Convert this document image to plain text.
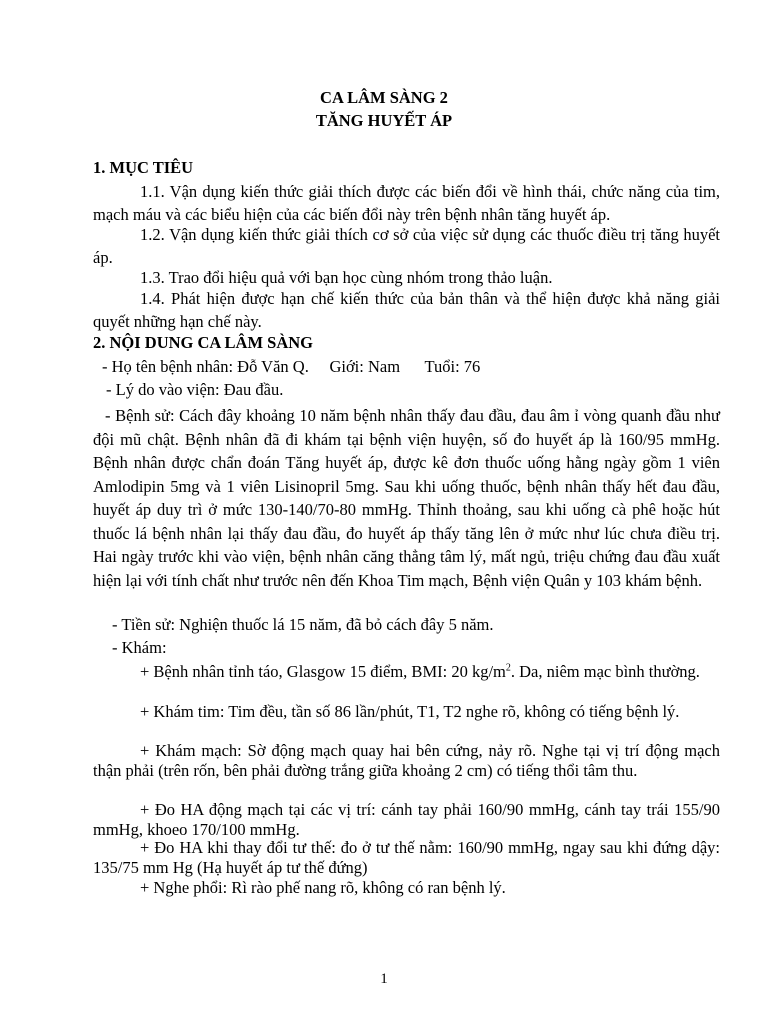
CA LÂM SÀNG 2
TĂNG HUYẾT ÁP
1. MỤC TIÊU
1.1. Vận dụng kiến thức giải thích được các biến đổi về hình thái, chức năng của tim, mạch máu và các biểu hiện của các biến đổi này trên bệnh nhân tăng huyết áp.
1.2. Vận dụng kiến thức giải thích cơ sở của việc sử dụng các thuốc điều trị tăng huyết áp.
1.3. Trao đổi hiệu quả với bạn học cùng nhóm trong thảo luận.
1.4. Phát hiện được hạn chế kiến thức của bản thân và thể hiện được khả năng giải quyết những hạn chế này.
2. NỘI DUNG CA LÂM SÀNG
- Họ tên bệnh nhân: Đỗ Văn Q.     Giới: Nam      Tuổi: 76
- Lý do vào viện: Đau đầu.
- Bệnh sử: Cách đây khoảng 10 năm bệnh nhân thấy đau đầu, đau âm ỉ vòng quanh đầu như đội mũ chật. Bệnh nhân đã đi khám tại bệnh viện huyện, số đo huyết áp là 160/95 mmHg. Bệnh nhân được chẩn đoán Tăng huyết áp, được kê đơn thuốc uống hằng ngày gồm 1 viên Amlodipin 5mg và 1 viên Lisinopril 5mg. Sau khi uống thuốc, bệnh nhân thấy hết đau đầu, huyết áp duy trì ở mức 130-140/70-80 mmHg. Thỉnh thoảng, sau khi uống cà phê hoặc hút thuốc lá bệnh nhân lại thấy đau đầu, đo huyết áp thấy tăng lên ở mức như lúc chưa điều trị. Hai ngày trước khi vào viện, bệnh nhân căng thẳng tâm lý, mất ngủ, triệu chứng đau đầu xuất hiện lại với tính chất như trước nên đến Khoa Tim mạch, Bệnh viện Quân y 103 khám bệnh.
- Tiền sử: Nghiện thuốc lá 15 năm, đã bỏ cách đây 5 năm.
- Khám:
+ Bệnh nhân tỉnh táo, Glasgow 15 điểm, BMI: 20 $kg/m^2$. Da, niêm mạc bình thường.
+ Khám tim: Tim đều, tần số 86 lần/phút, T1, T2 nghe rõ, không có tiếng bệnh lý.
+ Khám mạch: Sờ động mạch quay hai bên cứng, nảy rõ. Nghe tại vị trí động mạch thận phải (trên rốn, bên phải đường trắng giữa khoảng 2 cm) có tiếng thổi tâm thu.
+ Đo HA động mạch tại các vị trí: cánh tay phải 160/90 mmHg, cánh tay trái 155/90 mmHg, khoeo 170/100 mmHg.
+ Đo HA khi thay đổi tư thế: đo ở tư thế nằm: 160/90 mmHg, ngay sau khi đứng dậy: 135/75 mm Hg (Hạ huyết áp tư thế đứng)
+ Nghe phổi: Rì rào phế nang rõ, không có ran bệnh lý.
1
